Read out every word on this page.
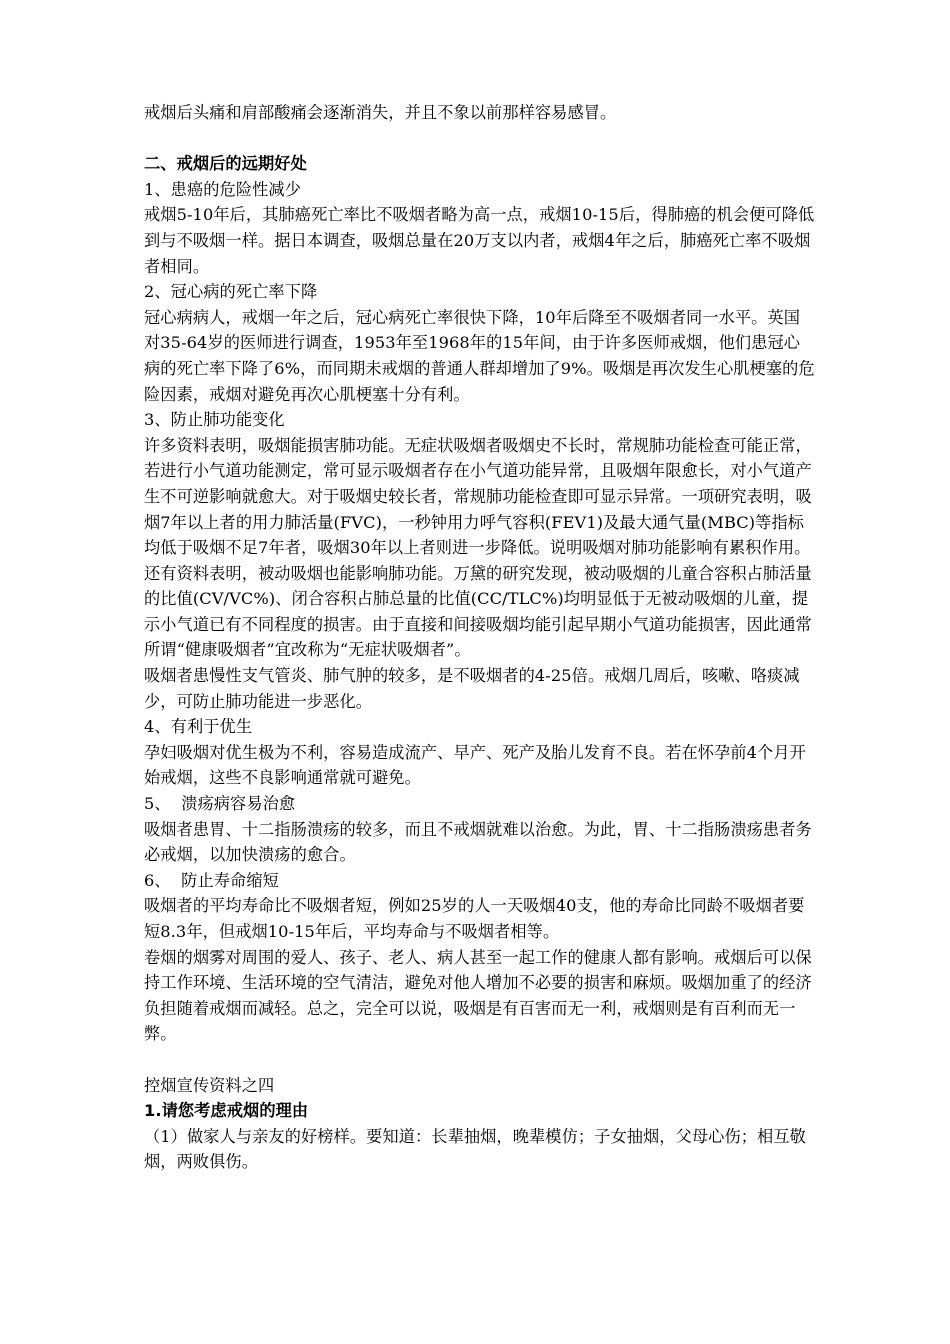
戒烟后头痛和肩部酸痛会逐渐消失，并且不象以前那样容易感冒。

二、戒烟后的远期好处

1、患癌的危险性减少

戒烟5-10年后，其肺癌死亡率比不吸烟者略为高一点，戒烟10-15后，得肺癌的机会便可降低到与不吸烟一样。据日本调查，吸烟总量在20万支以内者，戒烟4年之后，肺癌死亡率不吸烟者相同。

2、冠心病的死亡率下降

冠心病病人，戒烟一年之后，冠心病死亡率很快下降，10年后降至不吸烟者同一水平。英国对35-64岁的医师进行调查，1953年至1968年的15年间，由于许多医师戒烟，他们患冠心病的死亡率下降了6%，而同期未戒烟的普通人群却增加了9%。吸烟是再次发生心肌梗塞的危险因素，戒烟对避免再次心肌梗塞十分有利。

3、防止肺功能变化

许多资料表明，吸烟能损害肺功能。无症状吸烟者吸烟史不长时，常规肺功能检查可能正常，若进行小气道功能测定，常可显示吸烟者存在小气道功能异常，且吸烟年限愈长，对小气道产生不可逆影响就愈大。对于吸烟史较长者，常规肺功能检查即可显示异常。一项研究表明，吸烟7年以上者的用力肺活量(FVC)，一秒钟用力呼气容积(FEV1)及最大通气量(MBC)等指标均低于吸烟不足7年者，吸烟30年以上者则进一步降低。说明吸烟对肺功能影响有累积作用。还有资料表明，被动吸烟也能影响肺功能。万黛的研究发现，被动吸烟的儿童合容积占肺活量的比值(CV/VC%)、闭合容积占肺总量的比值(CC/TLC%)均明显低于无被动吸烟的儿童，提示小气道已有不同程度的损害。由于直接和间接吸烟均能引起早期小气道功能损害，因此通常所谓“健康吸烟者”宜改称为“无症状吸烟者”。

吸烟者患慢性支气管炎、肺气肿的较多，是不吸烟者的4-25倍。戒烟几周后，咳嗽、咯痰减少，可防止肺功能进一步恶化。

4、有利于优生

孕妇吸烟对优生极为不利，容易造成流产、早产、死产及胎儿发育不良。若在怀孕前4个月开始戒烟，这些不良影响通常就可避免。

5、  溃疡病容易治愈

吸烟者患胃、十二指肠溃疡的较多，而且不戒烟就难以治愈。为此，胃、十二指肠溃疡患者务必戒烟，以加快溃疡的愈合。

6、  防止寿命缩短

吸烟者的平均寿命比不吸烟者短，例如25岁的人一天吸烟40支，他的寿命比同龄不吸烟者要短8.3年，但戒烟10-15年后，平均寿命与不吸烟者相等。

卷烟的烟雾对周围的爱人、孩子、老人、病人甚至一起工作的健康人都有影响。戒烟后可以保持工作环境、生活环境的空气清洁，避免对他人增加不必要的损害和麻烦。吸烟加重了的经济负担随着戒烟而减轻。总之，完全可以说，吸烟是有百害而无一利，戒烟则是有百利而无一弊。

控烟宣传资料之四

1.请您考虑戒烟的理由

（1）做家人与亲友的好榜样。要知道：长辈抽烟，晚辈模仿；子女抽烟，父母心伤；相互敬烟，两败俱伤。
